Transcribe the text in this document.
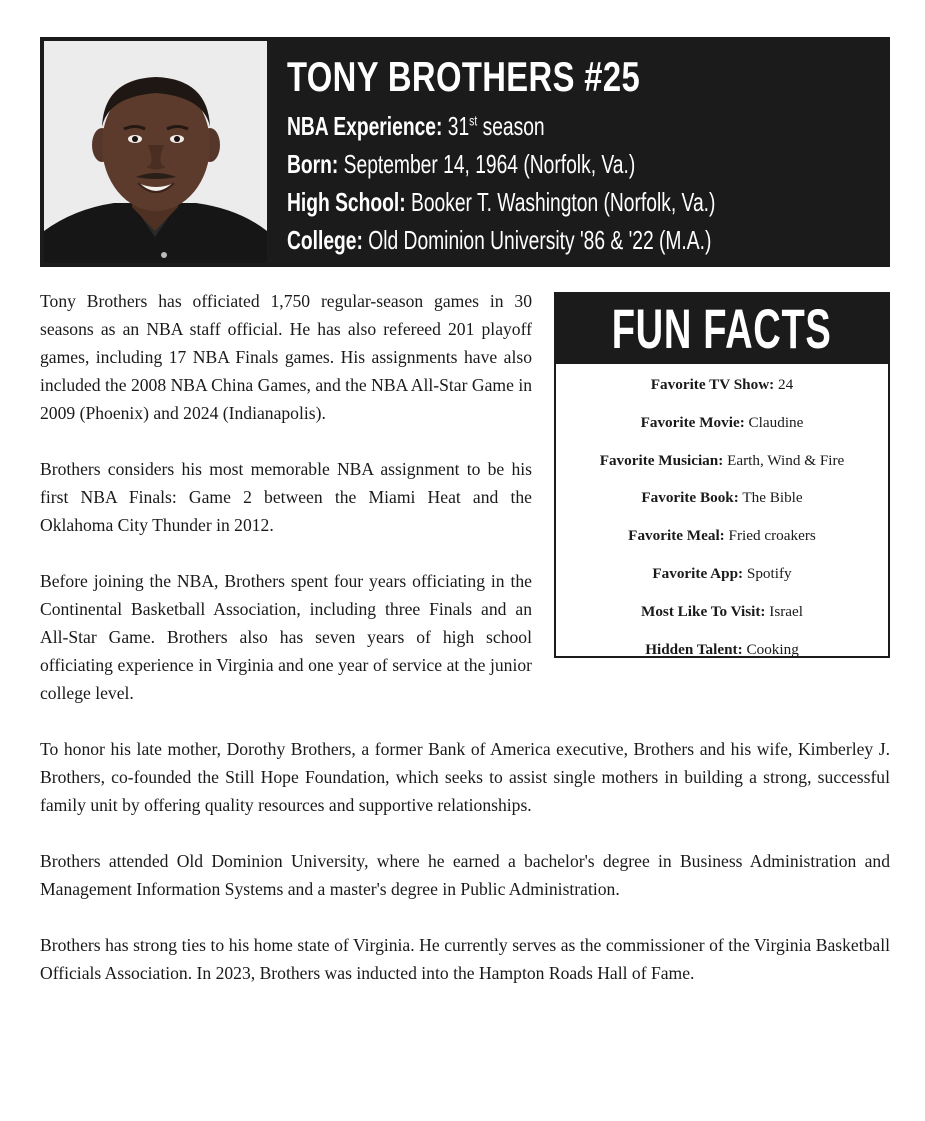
TONY BROTHERS #25
NBA Experience: 31st season
Born: September 14, 1964 (Norfolk, Va.)
High School: Booker T. Washington (Norfolk, Va.)
College: Old Dominion University '86 & '22 (M.A.)
FUN FACTS
Favorite TV Show: 24
Favorite Movie: Claudine
Favorite Musician: Earth, Wind & Fire
Favorite Book: The Bible
Favorite Meal: Fried croakers
Favorite App: Spotify
Most Like To Visit: Israel
Hidden Talent: Cooking

Tony Brothers has officiated 1,750 regular-season games in 30 seasons as an NBA staff official. He has also refereed 201 playoff games, including 17 NBA Finals games. His assignments have also included the 2008 NBA China Games, and the NBA All-Star Game in 2009 (Phoenix) and 2024 (Indianapolis).

Brothers considers his most memorable NBA assignment to be his first NBA Finals: Game 2 between the Miami Heat and the Oklahoma City Thunder in 2012.

Before joining the NBA, Brothers spent four years officiating in the Continental Basketball Association, including three Finals and an All-Star Game. Brothers also has seven years of high school officiating experience in Virginia and one year of service at the junior college level.

To honor his late mother, Dorothy Brothers, a former Bank of America executive, Brothers and his wife, Kimberley J. Brothers, co-founded the Still Hope Foundation, which seeks to assist single mothers in building a strong, successful family unit by offering quality resources and supportive relationships.

Brothers attended Old Dominion University, where he earned a bachelor's degree in Business Administration and Management Information Systems and a master's degree in Public Administration.

Brothers has strong ties to his home state of Virginia. He currently serves as the commissioner of the Virginia Basketball Officials Association. In 2023, Brothers was inducted into the Hampton Roads Hall of Fame.
